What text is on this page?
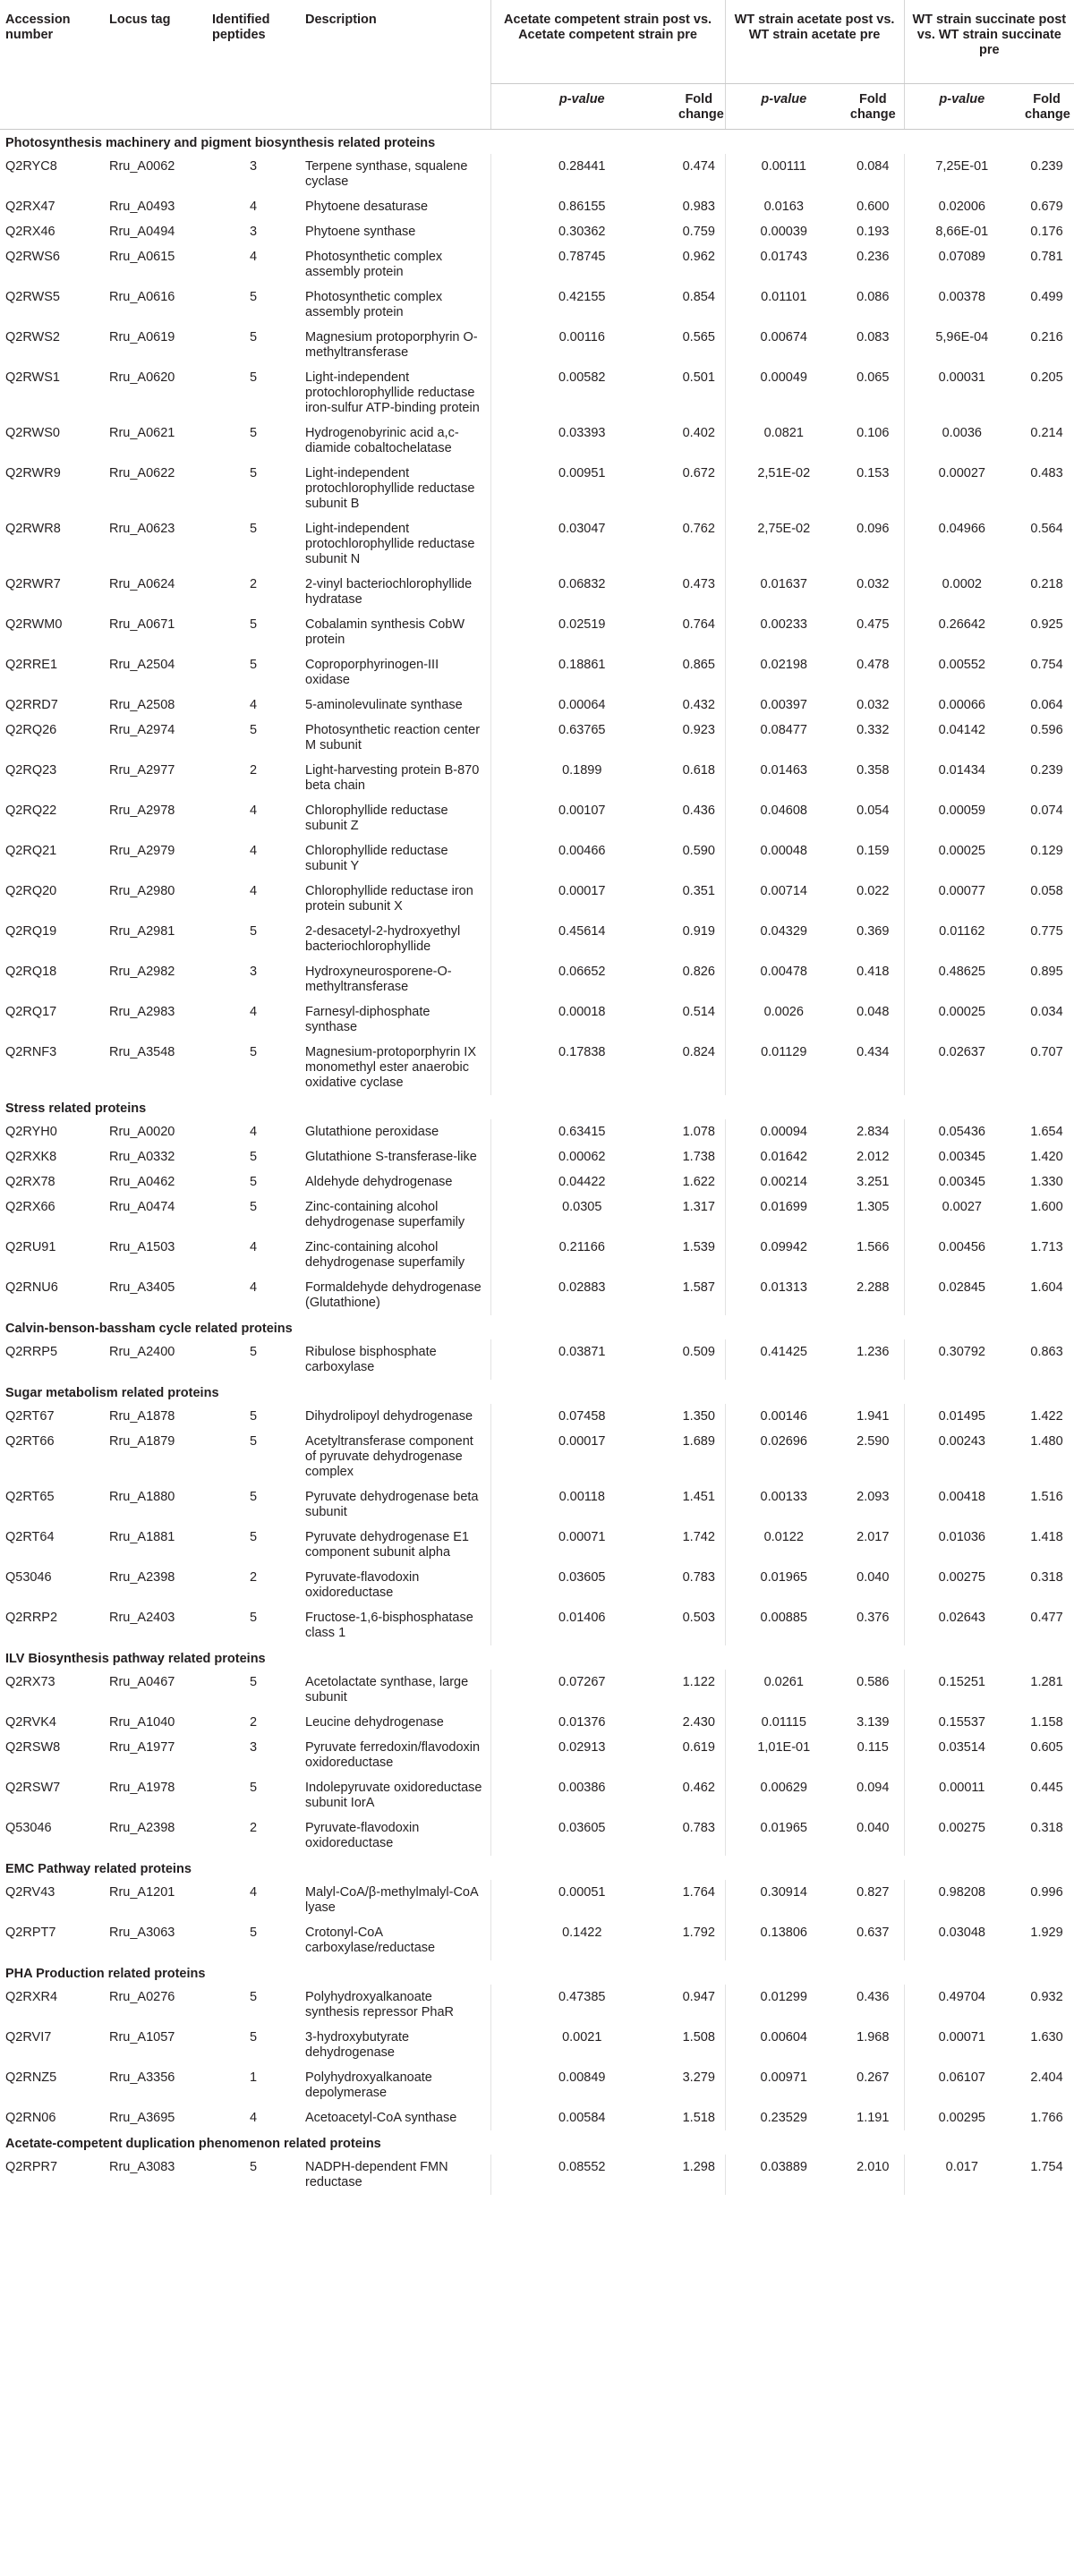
Accession number	Locus tag	Identified peptides	Description	Acetate competent strain post vs. Acetate competent strain pre		WT strain acetate post vs. WT strain acetate pre		WT strain succinate post vs. WT strain succinate pre	
				p-value	Fold change	p-value	Fold change	p-value	Fold change
Photosynthesis machinery and pigment biosynthesis related proteins									
Q2RYC8	Rru_A0062	3	Terpene synthase, squalene cyclase	0.28441	0.474	0.00111	0.084	7,25E-01	0.239
Q2RX47	Rru_A0493	4	Phytoene desaturase	0.86155	0.983	0.0163	0.600	0.02006	0.679
Q2RX46	Rru_A0494	3	Phytoene synthase	0.30362	0.759	0.00039	0.193	8,66E-01	0.176
Q2RWS6	Rru_A0615	4	Photosynthetic complex assembly protein	0.78745	0.962	0.01743	0.236	0.07089	0.781
Q2RWS5	Rru_A0616	5	Photosynthetic complex assembly protein	0.42155	0.854	0.01101	0.086	0.00378	0.499
Q2RWS2	Rru_A0619	5	Magnesium protoporphyrin O-methyltransferase	0.00116	0.565	0.00674	0.083	5,96E-04	0.216
Q2RWS1	Rru_A0620	5	Light-independent protochlorophyllide reductase iron-sulfur ATP-binding protein	0.00582	0.501	0.00049	0.065	0.00031	0.205
Q2RWS0	Rru_A0621	5	Hydrogenobyrinic acid a,c-diamide cobaltochelatase	0.03393	0.402	0.0821	0.106	0.0036	0.214
Q2RWR9	Rru_A0622	5	Light-independent protochlorophyllide reductase subunit B	0.00951	0.672	2,51E-02	0.153	0.00027	0.483
Q2RWR8	Rru_A0623	5	Light-independent protochlorophyllide reductase subunit N	0.03047	0.762	2,75E-02	0.096	0.04966	0.564
Q2RWR7	Rru_A0624	2	2-vinyl bacteriochlorophyllide hydratase	0.06832	0.473	0.01637	0.032	0.0002	0.218
Q2RWM0	Rru_A0671	5	Cobalamin synthesis CobW protein	0.02519	0.764	0.00233	0.475	0.26642	0.925
Q2RRE1	Rru_A2504	5	Coproporphyrinogen-III oxidase	0.18861	0.865	0.02198	0.478	0.00552	0.754
Q2RRD7	Rru_A2508	4	5-aminolevulinate synthase	0.00064	0.432	0.00397	0.032	0.00066	0.064
Q2RQ26	Rru_A2974	5	Photosynthetic reaction center M subunit	0.63765	0.923	0.08477	0.332	0.04142	0.596
Q2RQ23	Rru_A2977	2	Light-harvesting protein B-870 beta chain	0.1899	0.618	0.01463	0.358	0.01434	0.239
Q2RQ22	Rru_A2978	4	Chlorophyllide reductase subunit Z	0.00107	0.436	0.04608	0.054	0.00059	0.074
Q2RQ21	Rru_A2979	4	Chlorophyllide reductase subunit Y	0.00466	0.590	0.00048	0.159	0.00025	0.129
Q2RQ20	Rru_A2980	4	Chlorophyllide reductase iron protein subunit X	0.00017	0.351	0.00714	0.022	0.00077	0.058
Q2RQ19	Rru_A2981	5	2-desacetyl-2-hydroxyethyl bacteriochlorophyllide	0.45614	0.919	0.04329	0.369	0.01162	0.775
Q2RQ18	Rru_A2982	3	Hydroxyneurosporene-O-methyltransferase	0.06652	0.826	0.00478	0.418	0.48625	0.895
Q2RQ17	Rru_A2983	4	Farnesyl-diphosphate synthase	0.00018	0.514	0.0026	0.048	0.00025	0.034
Q2RNF3	Rru_A3548	5	Magnesium-protoporphyrin IX monomethyl ester anaerobic oxidative cyclase	0.17838	0.824	0.01129	0.434	0.02637	0.707
Stress related proteins									
Q2RYH0	Rru_A0020	4	Glutathione peroxidase	0.63415	1.078	0.00094	2.834	0.05436	1.654
Q2RXK8	Rru_A0332	5	Glutathione S-transferase-like	0.00062	1.738	0.01642	2.012	0.00345	1.420
Q2RX78	Rru_A0462	5	Aldehyde dehydrogenase	0.04422	1.622	0.00214	3.251	0.00345	1.330
Q2RX66	Rru_A0474	5	Zinc-containing alcohol dehydrogenase superfamily	0.0305	1.317	0.01699	1.305	0.0027	1.600
Q2RU91	Rru_A1503	4	Zinc-containing alcohol dehydrogenase superfamily	0.21166	1.539	0.09942	1.566	0.00456	1.713
Q2RNU6	Rru_A3405	4	Formaldehyde dehydrogenase (Glutathione)	0.02883	1.587	0.01313	2.288	0.02845	1.604
Calvin-benson-bassham cycle related proteins									
Q2RRP5	Rru_A2400	5	Ribulose bisphosphate carboxylase	0.03871	0.509	0.41425	1.236	0.30792	0.863
Sugar metabolism related proteins									
Q2RT67	Rru_A1878	5	Dihydrolipoyl dehydrogenase	0.07458	1.350	0.00146	1.941	0.01495	1.422
Q2RT66	Rru_A1879	5	Acetyltransferase component of pyruvate dehydrogenase complex	0.00017	1.689	0.02696	2.590	0.00243	1.480
Q2RT65	Rru_A1880	5	Pyruvate dehydrogenase beta subunit	0.00118	1.451	0.00133	2.093	0.00418	1.516
Q2RT64	Rru_A1881	5	Pyruvate dehydrogenase E1 component subunit alpha	0.00071	1.742	0.0122	2.017	0.01036	1.418
Q53046	Rru_A2398	2	Pyruvate-flavodoxin oxidoreductase	0.03605	0.783	0.01965	0.040	0.00275	0.318
Q2RRP2	Rru_A2403	5	Fructose-1,6-bisphosphatase class 1	0.01406	0.503	0.00885	0.376	0.02643	0.477
ILV Biosynthesis pathway related proteins									
Q2RX73	Rru_A0467	5	Acetolactate synthase, large subunit	0.07267	1.122	0.0261	0.586	0.15251	1.281
Q2RVK4	Rru_A1040	2	Leucine dehydrogenase	0.01376	2.430	0.01115	3.139	0.15537	1.158
Q2RSW8	Rru_A1977	3	Pyruvate ferredoxin/flavodoxin oxidoreductase	0.02913	0.619	1,01E-01	0.115	0.03514	0.605
Q2RSW7	Rru_A1978	5	Indolepyruvate oxidoreductase subunit IorA	0.00386	0.462	0.00629	0.094	0.00011	0.445
Q53046	Rru_A2398	2	Pyruvate-flavodoxin oxidoreductase	0.03605	0.783	0.01965	0.040	0.00275	0.318
EMC Pathway related proteins									
Q2RV43	Rru_A1201	4	Malyl-CoA/β-methylmalyl-CoA lyase	0.00051	1.764	0.30914	0.827	0.98208	0.996
Q2RPT7	Rru_A3063	5	Crotonyl-CoA carboxylase/reductase	0.1422	1.792	0.13806	0.637	0.03048	1.929
PHA Production related proteins									
Q2RXR4	Rru_A0276	5	Polyhydroxyalkanoate synthesis repressor PhaR	0.47385	0.947	0.01299	0.436	0.49704	0.932
Q2RVI7	Rru_A1057	5	3-hydroxybutyrate dehydrogenase	0.0021	1.508	0.00604	1.968	0.00071	1.630
Q2RNZ5	Rru_A3356	1	Polyhydroxyalkanoate depolymerase	0.00849	3.279	0.00971	0.267	0.06107	2.404
Q2RN06	Rru_A3695	4	Acetoacetyl-CoA synthase	0.00584	1.518	0.23529	1.191	0.00295	1.766
Acetate-competent duplication phenomenon related proteins									
Q2RPR7	Rru_A3083	5	NADPH-dependent FMN reductase	0.08552	1.298	0.03889	2.010	0.017	1.754
